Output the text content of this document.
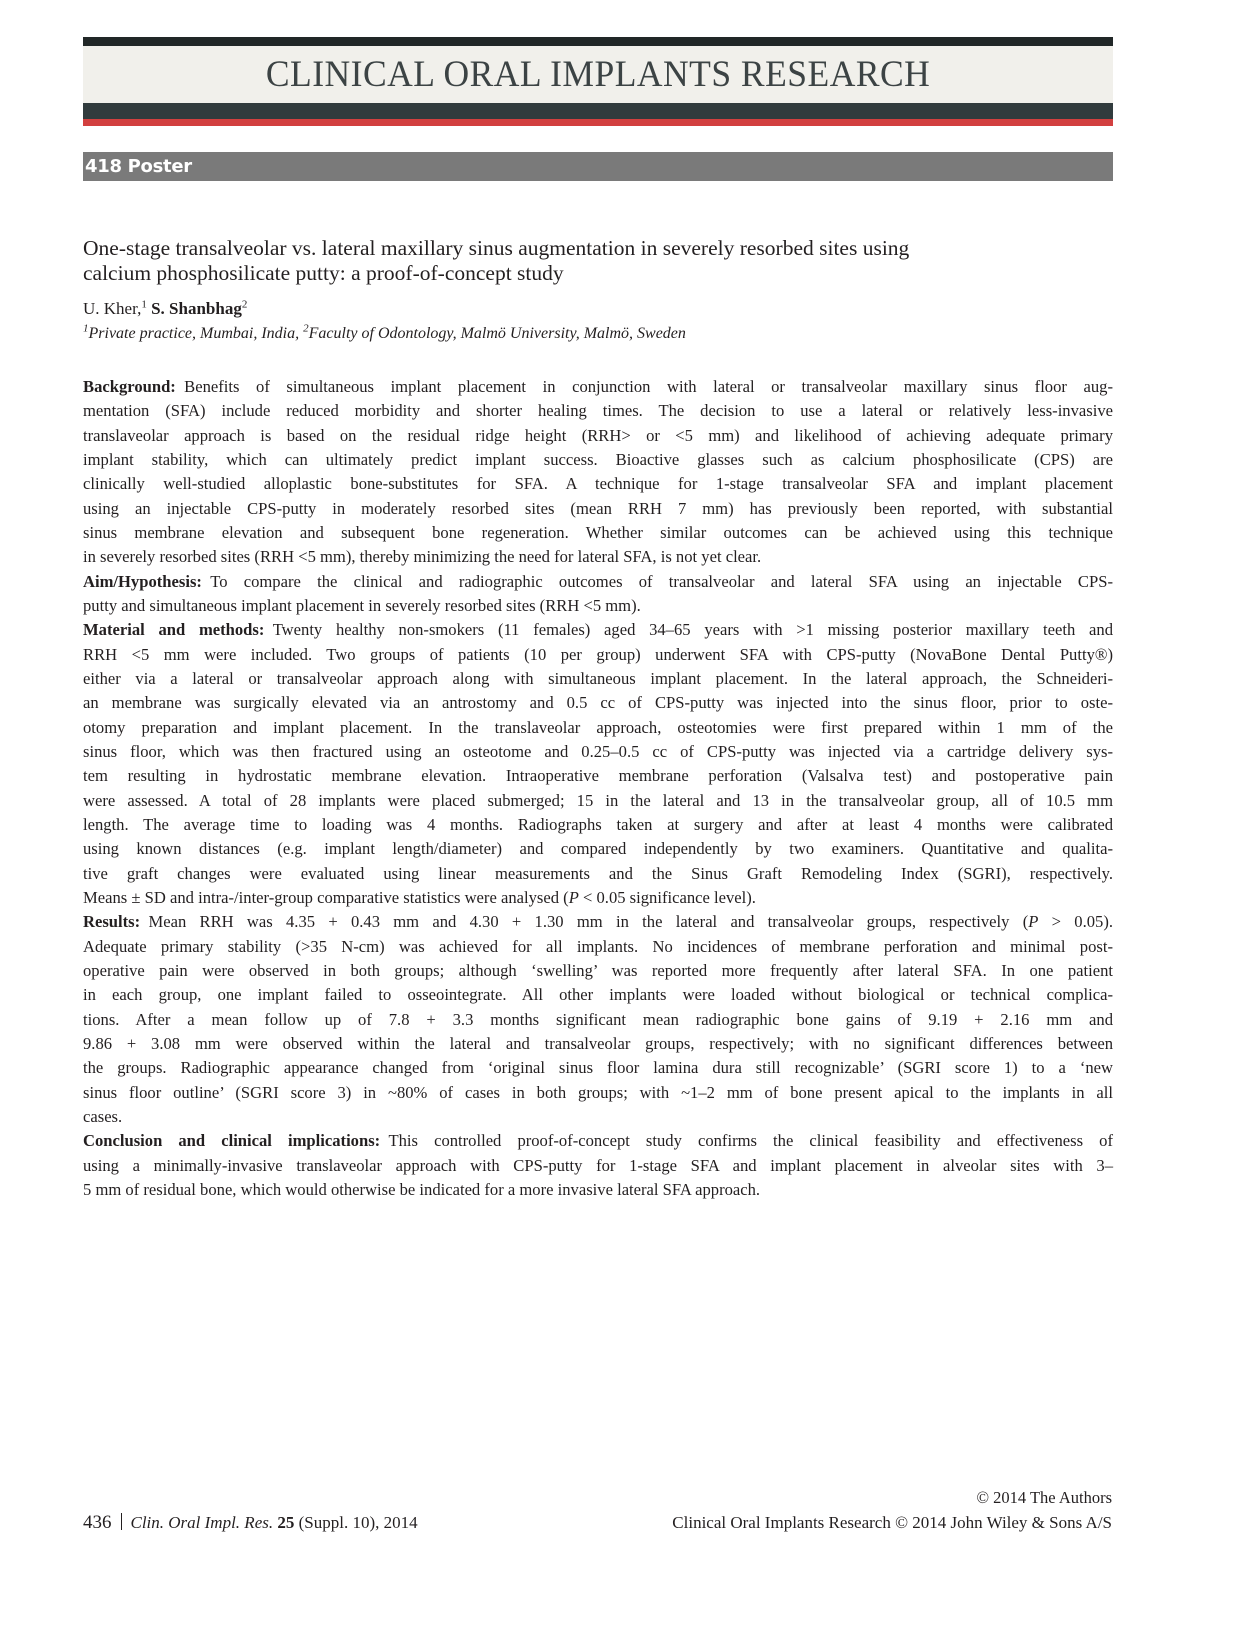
CLINICAL ORAL IMPLANTS RESEARCH
418 Poster
One-stage transalveolar vs. lateral maxillary sinus augmentation in severely resorbed sites using
calcium phosphosilicate putty: a proof-of-concept study
U. Kher,$^1$ S. Shanbhag$^2$
$^1$Private practice, Mumbai, India, $^2$Faculty of Odontology, Malmö University, Malmö, Sweden
Background:  Benefits of simultaneous implant placement in conjunction with lateral or transalveolar maxillary sinus floor aug-
mentation (SFA) include reduced morbidity and shorter healing times. The decision to use a lateral or relatively less-invasive
translaveolar approach is based on the residual ridge height (RRH> or <5 mm) and likelihood of achieving adequate primary
implant stability, which can ultimately predict implant success. Bioactive glasses such as calcium phosphosilicate (CPS) are
clinically well-studied alloplastic bone-substitutes for SFA. A technique for 1-stage transalveolar SFA and implant placement
using an injectable CPS-putty in moderately resorbed sites (mean RRH 7 mm) has previously been reported, with substantial
sinus membrane elevation and subsequent bone regeneration. Whether similar outcomes can be achieved using this technique
in severely resorbed sites (RRH <5 mm), thereby minimizing the need for lateral SFA, is not yet clear.
Aim/Hypothesis:  To compare the clinical and radiographic outcomes of transalveolar and lateral SFA using an injectable CPS-
putty and simultaneous implant placement in severely resorbed sites (RRH <5 mm).
Material and methods:  Twenty healthy non-smokers (11 females) aged 34–65 years with >1 missing posterior maxillary teeth and
RRH <5 mm were included. Two groups of patients (10 per group) underwent SFA with CPS-putty (NovaBone Dental Putty®)
either via a lateral or transalveolar approach along with simultaneous implant placement. In the lateral approach, the Schneideri-
an membrane was surgically elevated via an antrostomy and 0.5 cc of CPS-putty was injected into the sinus floor, prior to oste-
otomy preparation and implant placement. In the translaveolar approach, osteotomies were first prepared within 1 mm of the
sinus floor, which was then fractured using an osteotome and 0.25–0.5 cc of CPS-putty was injected via a cartridge delivery sys-
tem resulting in hydrostatic membrane elevation. Intraoperative membrane perforation (Valsalva test) and postoperative pain
were assessed. A total of 28 implants were placed submerged; 15 in the lateral and 13 in the transalveolar group, all of 10.5 mm
length. The average time to loading was 4 months. Radiographs taken at surgery and after at least 4 months were calibrated
using known distances (e.g. implant length/diameter) and compared independently by two examiners. Quantitative and qualita-
tive graft changes were evaluated using linear measurements and the Sinus Graft Remodeling Index (SGRI), respectively.
Means ± SD and intra-/inter-group comparative statistics were analysed (P < 0.05 significance level).
Results:  Mean RRH was 4.35 + 0.43 mm and 4.30 + 1.30 mm in the lateral and transalveolar groups, respectively (P > 0.05).
Adequate primary stability (>35 N-cm) was achieved for all implants. No incidences of membrane perforation and minimal post-
operative pain were observed in both groups; although ‘swelling’ was reported more frequently after lateral SFA. In one patient
in each group, one implant failed to osseointegrate. All other implants were loaded without biological or technical complica-
tions. After a mean follow up of 7.8 + 3.3 months significant mean radiographic bone gains of 9.19 + 2.16 mm and
9.86 + 3.08 mm were observed within the lateral and transalveolar groups, respectively; with no significant differences between
the groups. Radiographic appearance changed from ‘original sinus floor lamina dura still recognizable’ (SGRI score 1) to a ‘new
sinus floor outline’ (SGRI score 3) in ~80% of cases in both groups; with ~1–2 mm of bone present apical to the implants in all
cases.
Conclusion and clinical implications:  This controlled proof-of-concept study confirms the clinical feasibility and effectiveness of
using a minimally-invasive translaveolar approach with CPS-putty for 1-stage SFA and implant placement in alveolar sites with 3–
5 mm of residual bone, which would otherwise be indicated for a more invasive lateral SFA approach.
© 2014 The Authors
436 Clin. Oral Impl. Res. 25 (Suppl. 10), 2014	Clinical Oral Implants Research © 2014 John Wiley & Sons A/S
